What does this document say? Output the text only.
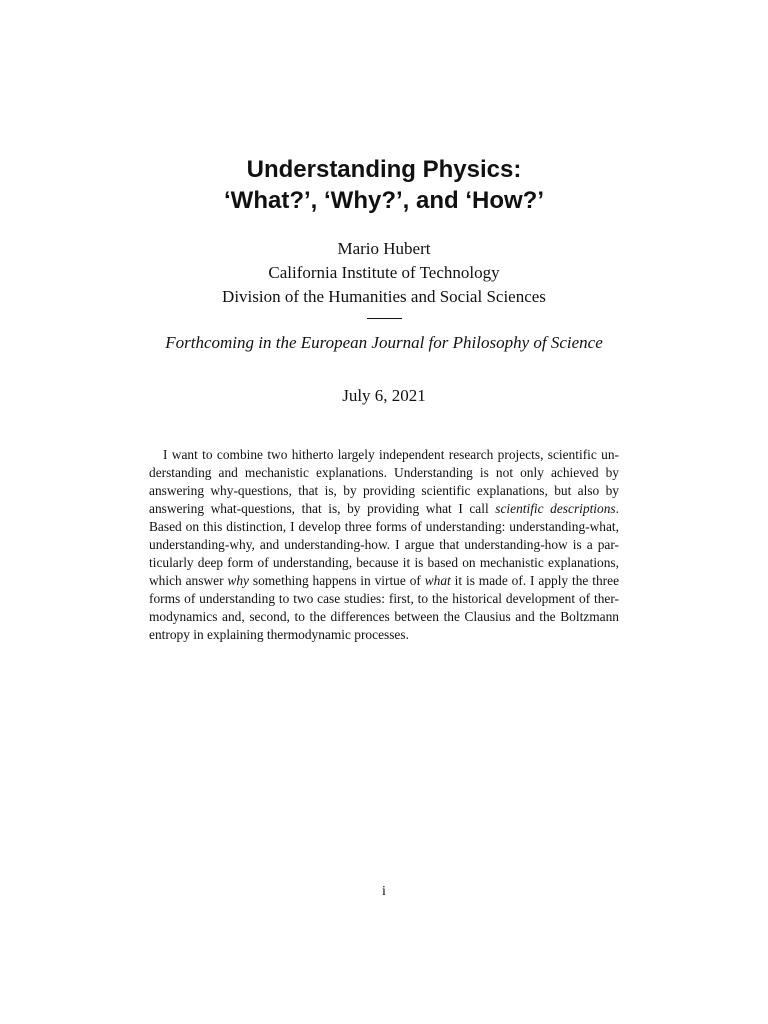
Understanding Physics:
‘What?’, ‘Why?’, and ‘How?’

Mario Hubert

California Institute of Technology

Division of the Humanities and Social Sciences

Forthcoming in the European Journal for Philosophy of Science

July 6, 2021

I want to combine two hitherto largely independent research projects, scientific un-
derstanding and mechanistic explanations. Understanding is not only achieved by
answering why-questions, that is, by providing scientific explanations, but also by
answering what-questions, that is, by providing what I call scientific descriptions.
Based on this distinction, I develop three forms of understanding: understanding-what,
understanding-why, and understanding-how. I argue that understanding-how is a par-
ticularly deep form of understanding, because it is based on mechanistic explanations,
which answer why something happens in virtue of what it is made of. I apply the three
forms of understanding to two case studies: first, to the historical development of ther-
modynamics and, second, to the differences between the Clausius and the Boltzmann
entropy in explaining thermodynamic processes.

i
